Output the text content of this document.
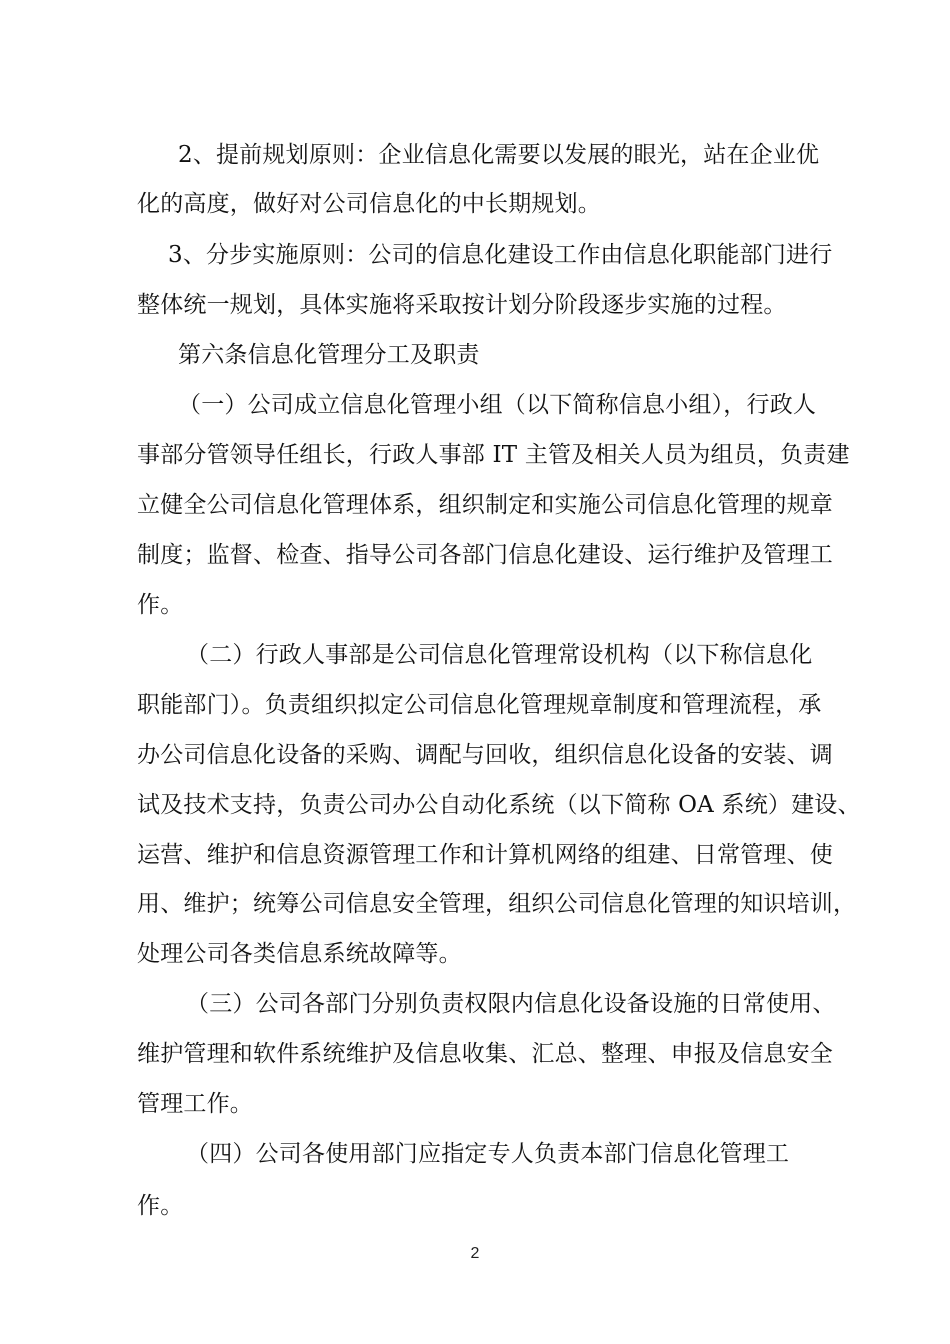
2、提前规划原则：企业信息化需要以发展的眼光，站在企业优
化的高度，做好对公司信息化的中长期规划。
3、分步实施原则：公司的信息化建设工作由信息化职能部门进行
整体统一规划，具体实施将采取按计划分阶段逐步实施的过程。
第六条信息化管理分工及职责
（一）公司成立信息化管理小组（以下简称信息小组），行政人
事部分管领导任组长，行政人事部 IT 主管及相关人员为组员，负责建
立健全公司信息化管理体系，组织制定和实施公司信息化管理的规章
制度；监督、检查、指导公司各部门信息化建设、运行维护及管理工
作。
（二）行政人事部是公司信息化管理常设机构（以下称信息化
职能部门）。负责组织拟定公司信息化管理规章制度和管理流程，承
办公司信息化设备的采购、调配与回收，组织信息化设备的安装、调
试及技术支持，负责公司办公自动化系统（以下简称 OA 系统）建设、
运营、维护和信息资源管理工作和计算机网络的组建、日常管理、使
用、维护；统筹公司信息安全管理，组织公司信息化管理的知识培训，
处理公司各类信息系统故障等。
（三）公司各部门分别负责权限内信息化设备设施的日常使用、
维护管理和软件系统维护及信息收集、汇总、整理、申报及信息安全
管理工作。
（四）公司各使用部门应指定专人负责本部门信息化管理工
作。
2
